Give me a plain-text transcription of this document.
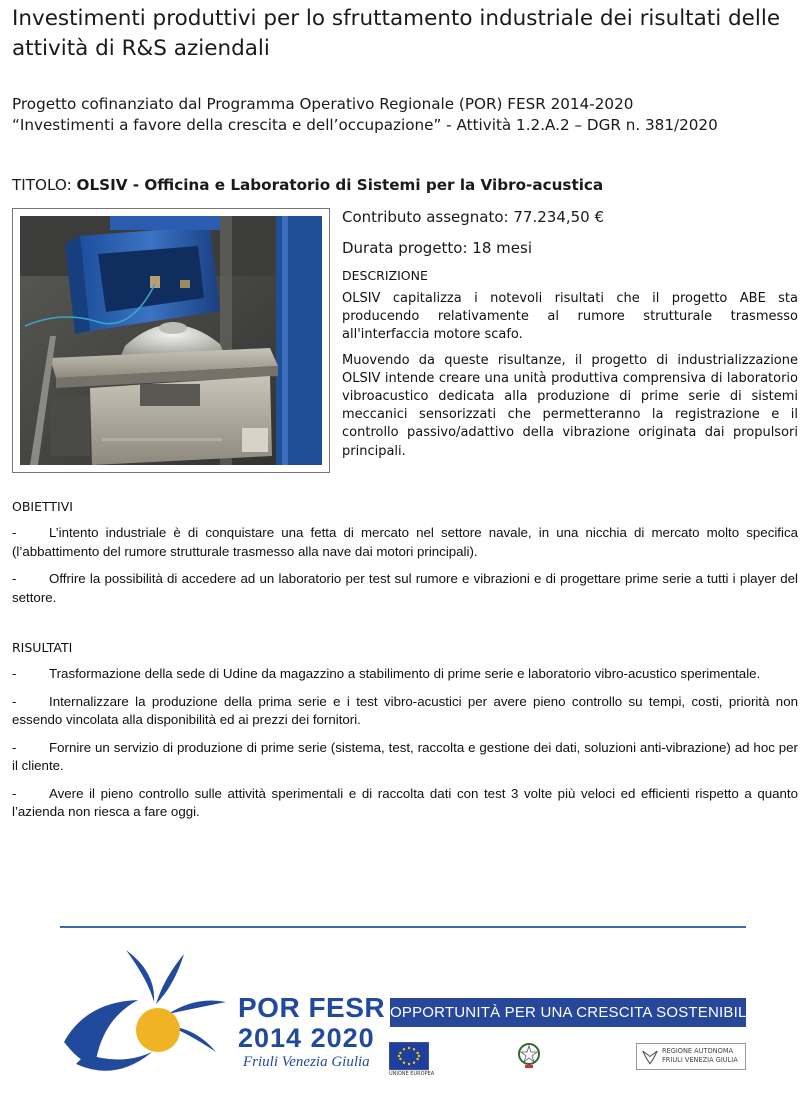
Investimenti produttivi per lo sfruttamento industriale dei risultati delle attività di R&S aziendali
Progetto cofinanziato dal Programma Operativo Regionale (POR) FESR 2014-2020
“Investimenti a favore della crescita e dell’occupazione” - Attività 1.2.A.2 – DGR n. 381/2020
TITOLO: OLSIV - Officina e Laboratorio di Sistemi per la Vibro-acustica
Contributo assegnato: 77.234,50 €
Durata progetto: 18 mesi
DESCRIZIONE

OLSIV capitalizza i notevoli risultati che il progetto ABE sta producendo relativamente al rumore strutturale trasmesso all'interfaccia motore scafo.

Muovendo da queste risultanze, il progetto di industrializzazione OLSIV intende creare una unità produttiva comprensiva di laboratorio vibroacustico dedicata alla produzione di prime serie di sistemi meccanici sensorizzati che permetteranno la registrazione e il controllo passivo/adattivo della vibrazione originata dai propulsori principali.

OBIETTIVI

- L’intento industriale è di conquistare una fetta di mercato nel settore navale, in una nicchia di mercato molto specifica (l’abbattimento del rumore strutturale trasmesso alla nave dai motori principali).

- Offrire la possibilità di accedere ad un laboratorio per test sul rumore e vibrazioni e di progettare prime serie a tutti i player del settore.

RISULTATI

- Trasformazione della sede di Udine da magazzino a stabilimento di prime serie e laboratorio vibro-acustico sperimentale.

- Internalizzare la produzione della prima serie e i test vibro-acustici per avere pieno controllo su tempi, costi, priorità non essendo vincolata alla disponibilità ed ai prezzi dei fornitori.

- Fornire un servizio di produzione di prime serie (sistema, test, raccolta e gestione dei dati, soluzioni anti-vibrazione) ad hoc per il cliente.

- Avere il pieno controllo sulle attività sperimentali e di raccolta dati con test 3 volte più veloci ed efficienti rispetto a quanto l’azienda non riesca a fare oggi.

POR FESR
2014 2020
Friuli Venezia Giulia
OPPORTUNITÀ PER UNA CRESCITA SOSTENIBILE
UNIONE EUROPEA
REGIONE AUTONOMA
FRIULI VENEZIA GIULIA
